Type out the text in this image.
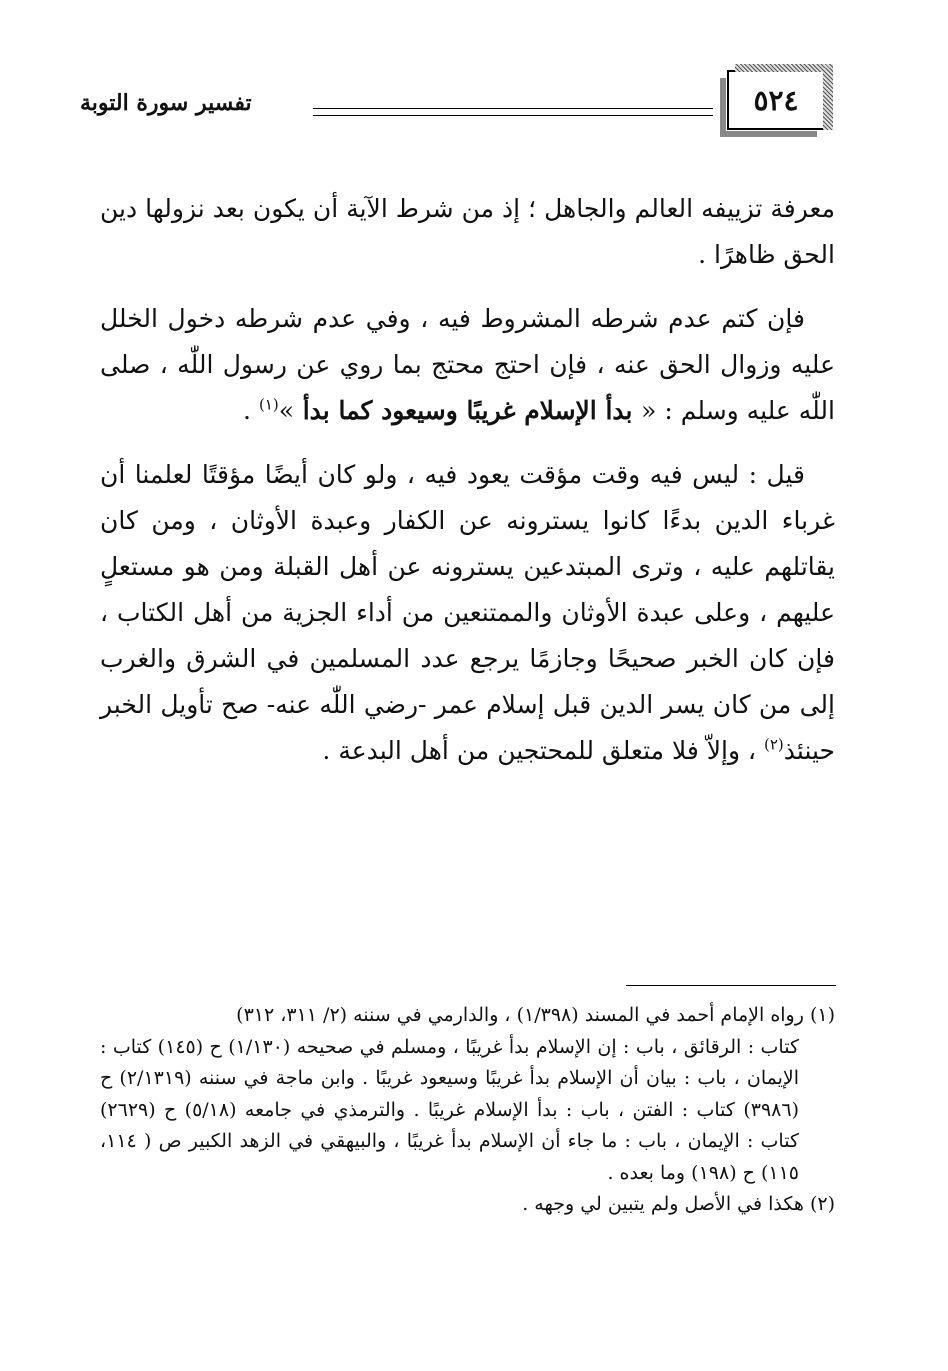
٥٢٤
تفسير سورة التوبة

معرفة تزييفه العالم والجاهل ؛ إذ من شرط الآية أن يكون بعد نزولها دين الحق ظاهرًا .

فإن كتم عدم شرطه المشروط فيه ، وفي عدم شرطه دخول الخلل عليه وزوال الحق عنه ، فإن احتج محتج بما روي عن رسول اللّٰه ، صلى اللّٰه عليه وسلم : « بدأ الإسلام غريبًا وسيعود كما بدأ »$^{(١)}$ .

قيل : ليس فيه وقت مؤقت يعود فيه ، ولو كان أيضًا مؤقتًا لعلمنا أن غرباء الدين بدءًا كانوا يسترونه عن الكفار وعبدة الأوثان ، ومن كان يقاتلهم عليه ، وترى المبتدعين يسترونه عن أهل القبلة ومن هو مستعلٍ عليهم ، وعلى عبدة الأوثان والممتنعين من أداء الجزية من أهل الكتاب ، فإن كان الخبر صحيحًا وجازمًا يرجع عدد المسلمين في الشرق والغرب إلى من كان يسر الدين قبل إسلام عمر -رضي اللّٰه عنه- صح تأويل الخبر حينئذ$^{(٢)}$ ، وإلاّ فلا متعلق للمحتجين من أهل البدعة .

(١) رواه الإمام أحمد في المسند (١/٣٩٨) ، والدارمي في سننه (٢/ ٣١١، ٣١٢)

كتاب : الرقائق ، باب : إن الإسلام بدأ غريبًا ، ومسلم في صحيحه (١/١٣٠) ح (١٤٥) كتاب : الإيمان ، باب : بيان أن الإسلام بدأ غريبًا وسيعود غريبًا . وابن ماجة في سننه (٢/١٣١٩) ح (٣٩٨٦) كتاب : الفتن ، باب : بدأ الإسلام غريبًا . والترمذي في جامعه (٥/١٨) ح (٢٦٢٩) كتاب : الإيمان ، باب : ما جاء أن الإسلام بدأ غريبًا ، والبيهقي في الزهد الكبير ص ( ١١٤، ١١٥) ح (١٩٨) وما بعده .

(٢) هكذا في الأصل ولم يتبين لي وجهه .
